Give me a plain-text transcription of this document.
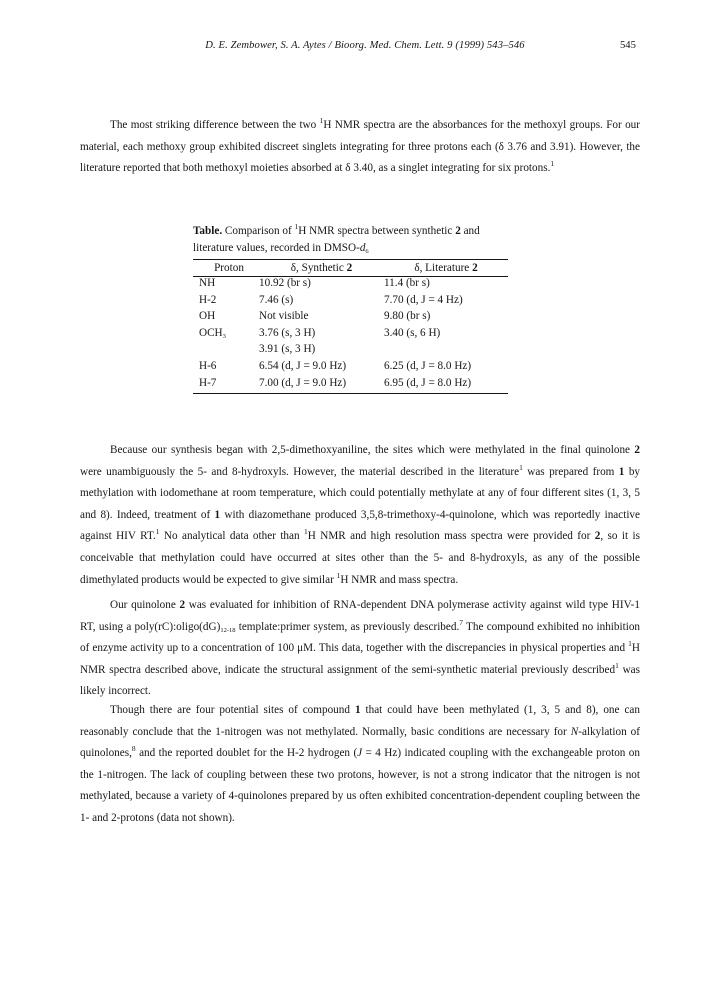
D. E. Zembower, S. A. Aytes / Bioorg. Med. Chem. Lett. 9 (1999) 543–546	545

The most striking difference between the two $^1$H NMR spectra are the absorbances for the methoxyl groups. For our material, each methoxy group exhibited discreet singlets integrating for three protons each (δ 3.76 and 3.91). However, the literature reported that both methoxyl moieties absorbed at δ 3.40, as a singlet integrating for six protons.$^1$

Table. Comparison of $^1$H NMR spectra between synthetic 2 and literature values, recorded in DMSO-$d_6$
Proton	δ, Synthetic 2	δ, Literature 2
NH	10.92 (br s)	11.4 (br s)
H-2	7.46 (s)	7.70 (d, J = 4 Hz)
OH	Not visible	9.80 (br s)
$OCH_3$	3.76 (s, 3 H)	3.40 (s, 6 H)
	3.91 (s, 3 H)	
H-6	6.54 (d, J = 9.0 Hz)	6.25 (d, J = 8.0 Hz)
H-7	7.00 (d, J = 9.0 Hz)	6.95 (d, J = 8.0 Hz)

Because our synthesis began with 2,5-dimethoxyaniline, the sites which were methylated in the final quinolone 2 were unambiguously the 5- and 8-hydroxyls. However, the material described in the literature$^1$ was prepared from 1 by methylation with iodomethane at room temperature, which could potentially methylate at any of four different sites (1, 3, 5 and 8). Indeed, treatment of 1 with diazomethane produced 3,5,8-trimethoxy-4-quinolone, which was reportedly inactive against HIV RT.$^1$ No analytical data other than $^1$H NMR and high resolution mass spectra were provided for 2, so it is conceivable that methylation could have occurred at sites other than the 5- and 8-hydroxyls, as any of the possible dimethylated products would be expected to give similar $^1$H NMR and mass spectra.

Our quinolone 2 was evaluated for inhibition of RNA-dependent DNA polymerase activity against wild type HIV-1 RT, using a $poly(rC):oligo(dG)_{12-18}$ template:primer system, as previously described.$^7$ The compound exhibited no inhibition of enzyme activity up to a concentration of 100 μM. This data, together with the discrepancies in physical properties and $^1$H NMR spectra described above, indicate the structural assignment of the semi-synthetic material previously described$^1$ was likely incorrect.

Though there are four potential sites of compound 1 that could have been methylated (1, 3, 5 and 8), one can reasonably conclude that the 1-nitrogen was not methylated. Normally, basic conditions are necessary for N-alkylation of quinolones,$^8$ and the reported doublet for the H-2 hydrogen (J = 4 Hz) indicated coupling with the exchangeable proton on the 1-nitrogen. The lack of coupling between these two protons, however, is not a strong indicator that the nitrogen is not methylated, because a variety of 4-quinolones prepared by us often exhibited concentration-dependent coupling between the 1- and 2-protons (data not shown).
